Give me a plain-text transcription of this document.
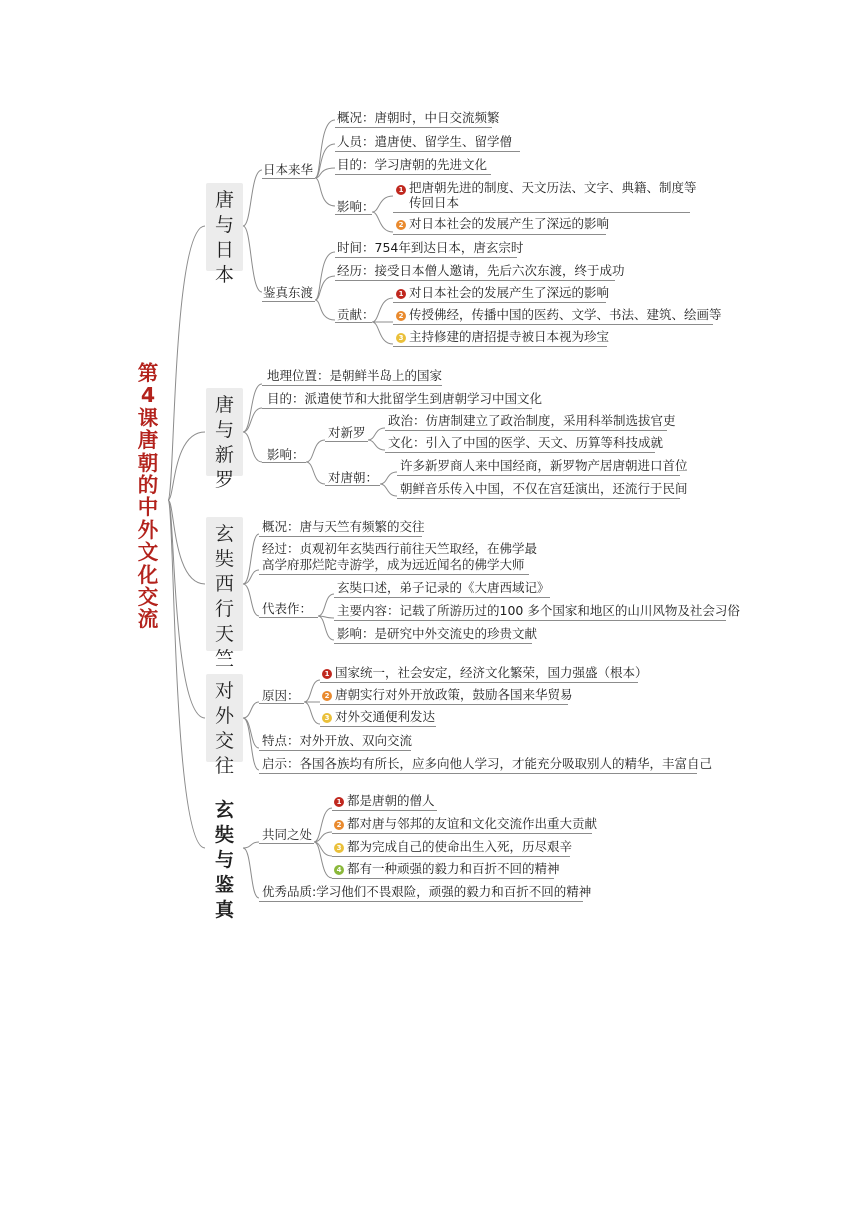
第4课唐朝的中外文化交流
唐与日本
唐与新罗
玄奘西行天竺
对外交往
玄奘与鉴真
日本来华
概况：唐朝时，中日交流频繁
人员：遣唐使、留学生、留学僧
目的：学习唐朝的先进文化
影响：
1 把唐朝先进的制度、天文历法、文字、典籍、制度等
传回日本
2 对日本社会的发展产生了深远的影响
鉴真东渡
时间：754年到达日本，唐玄宗时
经历：接受日本僧人邀请，先后六次东渡，终于成功
贡献：
1 对日本社会的发展产生了深远的影响
2 传授佛经，传播中国的医药、文学、书法、建筑、绘画等
3 主持修建的唐招提寺被日本视为珍宝
地理位置：是朝鲜半岛上的国家
目的：派遣使节和大批留学生到唐朝学习中国文化
影响：
对新罗
政治：仿唐制建立了政治制度，采用科举制选拔官吏
文化：引入了中国的医学、天文、历算等科技成就
对唐朝：
许多新罗商人来中国经商，新罗物产居唐朝进口首位
朝鲜音乐传入中国，不仅在宫廷演出，还流行于民间
概况：唐与天竺有频繁的交往
经过：贞观初年玄奘西行前往天竺取经，在佛学最
高学府那烂陀寺游学，成为远近闻名的佛学大师
代表作：
玄奘口述，弟子记录的《大唐西域记》
主要内容：记载了所游历过的100 多个国家和地区的山川风物及社会习俗
影响：是研究中外交流史的珍贵文献
原因：
1 国家统一，社会安定，经济文化繁荣，国力强盛（根本）
2 唐朝实行对外开放政策，鼓励各国来华贸易
3 对外交通便利发达
特点：对外开放、双向交流
启示：各国各族均有所长，应多向他人学习，才能充分吸取别人的精华，丰富自己
共同之处
1 都是唐朝的僧人
2 都对唐与邻邦的友谊和文化交流作出重大贡献
3 都为完成自己的使命出生入死，历尽艰辛
4 都有一种顽强的毅力和百折不回的精神
优秀品质:学习他们不畏艰险，顽强的毅力和百折不回的精神
